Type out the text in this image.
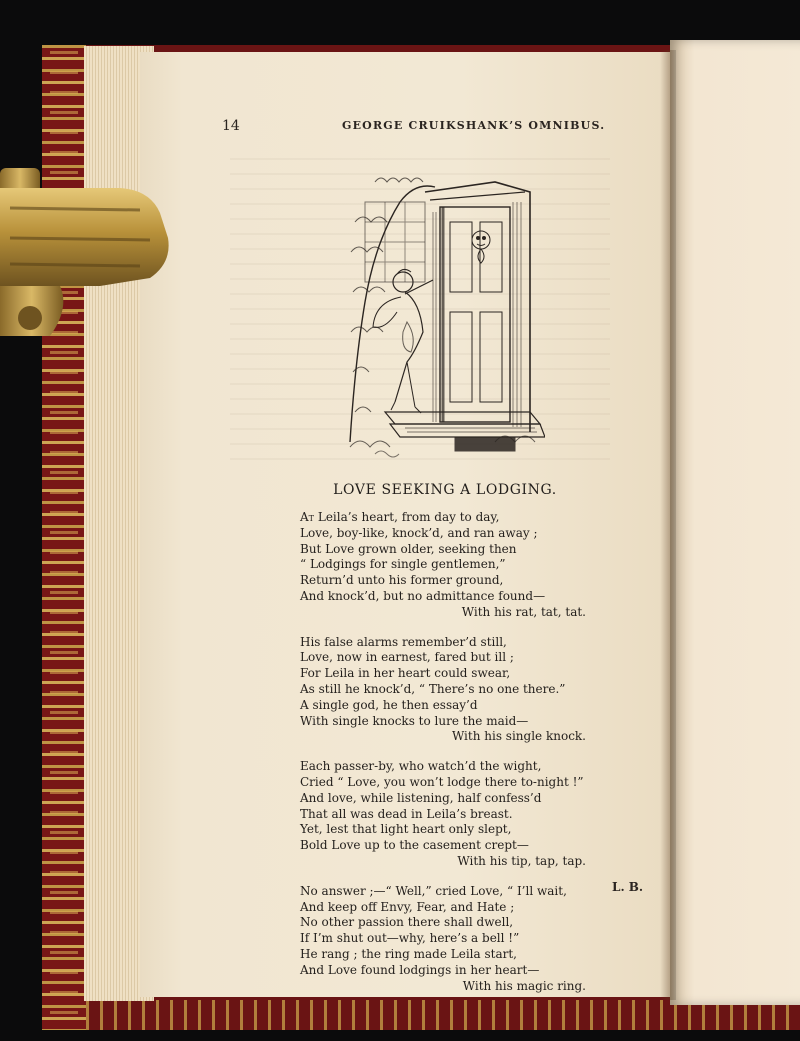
14	GEORGE CRUIKSHANK’S OMNIBUS.
LOVE SEEKING A LODGING.
At Leila’s heart, from day to day,
Love, boy-like, knock’d, and ran away ;
But Love grown older, seeking then
“ Lodgings for single gentlemen,”
Return’d unto his former ground,
And knock’d, but no admittance found—
With his rat, tat, tat.
His false alarms remember’d still,
Love, now in earnest, fared but ill ;
For Leila in her heart could swear,
As still he knock’d, “ There’s no one there.”
A single god, he then essay’d
With single knocks to lure the maid—
With his single knock.
Each passer-by, who watch’d the wight,
Cried “ Love, you won’t lodge there to-night !”
And love, while listening, half confess’d
That all was dead in Leila’s breast.
Yet, lest that light heart only slept,
Bold Love up to the casement crept—
With his tip, tap, tap.
No answer ;—“ Well,” cried Love, “ I’ll wait,
And keep off Envy, Fear, and Hate ;
No other passion there shall dwell,
If I’m shut out—why, here’s a bell !”
He rang ; the ring made Leila start,
And Love found lodgings in her heart—
With his magic ring.
L. B.
